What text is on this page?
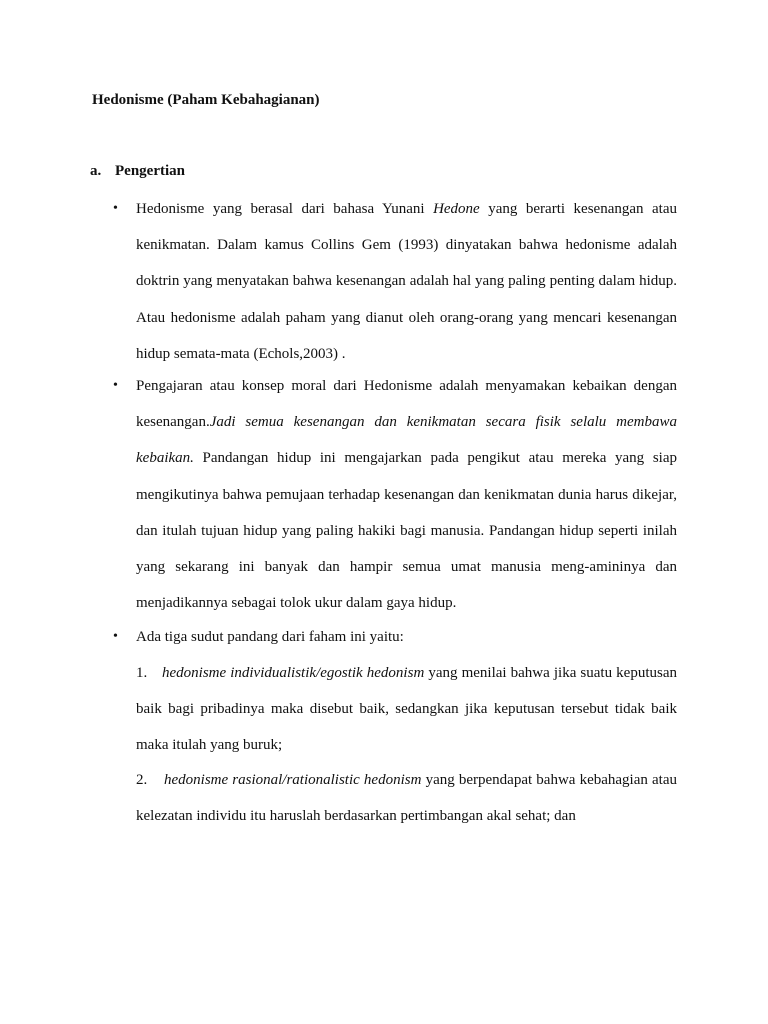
Hedonisme (Paham Kebahagianan)
a. Pengertian
• Hedonisme yang berasal dari bahasa Yunani Hedone yang berarti kesenangan atau kenikmatan. Dalam kamus Collins Gem (1993) dinyatakan bahwa hedonisme adalah doktrin yang menyatakan bahwa kesenangan adalah hal yang paling penting dalam hidup. Atau hedonisme adalah paham yang dianut oleh orang-orang yang mencari kesenangan hidup semata-mata (Echols,2003) .

• Pengajaran atau konsep moral dari Hedonisme adalah menyamakan kebaikan dengan kesenangan.Jadi semua kesenangan dan kenikmatan secara fisik selalu membawa kebaikan. Pandangan hidup ini mengajarkan pada pengikut atau mereka yang siap mengikutinya bahwa pemujaan terhadap kesenangan dan kenikmatan dunia harus dikejar, dan itulah tujuan hidup yang paling hakiki bagi manusia. Pandangan hidup seperti inilah yang sekarang ini banyak dan hampir semua umat manusia meng-amininya dan menjadikannya sebagai tolok ukur dalam gaya hidup.

• Ada tiga sudut pandang dari faham ini yaitu:

1. hedonisme individualistik/egostik hedonism yang menilai bahwa jika suatu keputusan baik bagi pribadinya maka disebut baik, sedangkan jika keputusan tersebut tidak baik maka itulah yang buruk;

2. hedonisme rasional/rationalistic hedonism yang berpendapat bahwa kebahagian atau kelezatan individu itu haruslah berdasarkan pertimbangan akal sehat; dan
